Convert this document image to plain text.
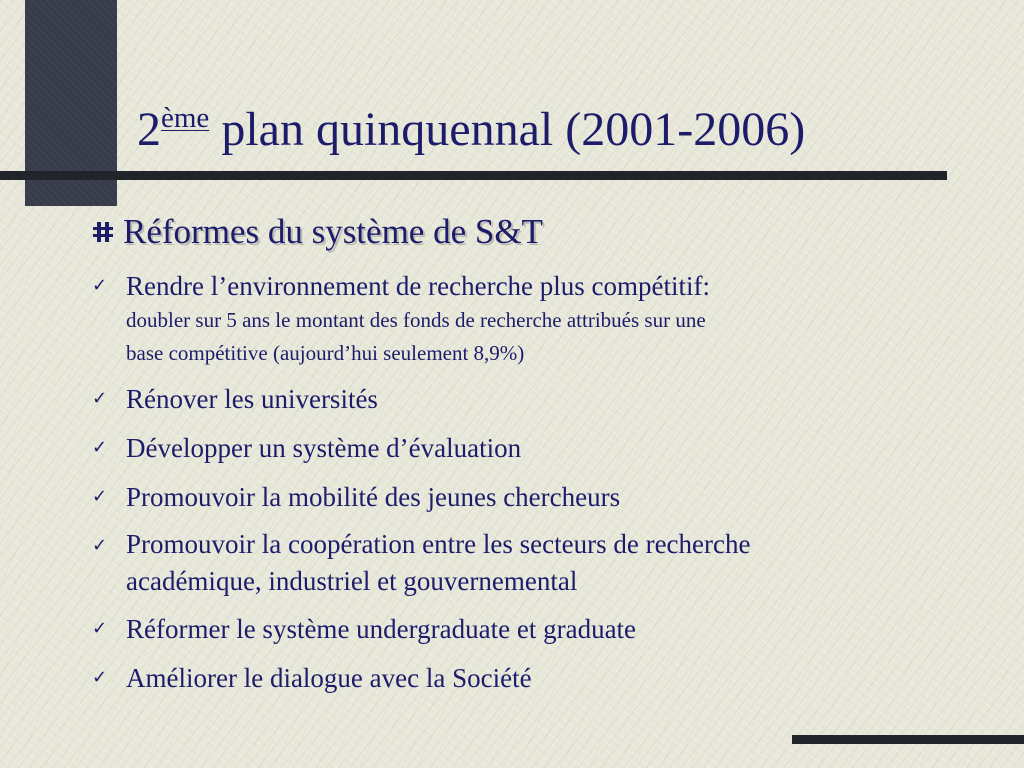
2ème plan quinquennal (2001-2006)
Réformes du système de S&T
✓ Rendre l’environnement de recherche plus compétitif:
doubler sur 5 ans le montant des fonds de recherche attribués sur une
base compétitive (aujourd’hui seulement 8,9%)
✓ Rénover les universités
✓ Développer un système d’évaluation
✓ Promouvoir la mobilité des jeunes chercheurs
✓ Promouvoir la coopération entre les secteurs de recherche
académique, industriel et gouvernemental
✓ Réformer le système undergraduate et graduate
✓ Améliorer le dialogue avec la Société
